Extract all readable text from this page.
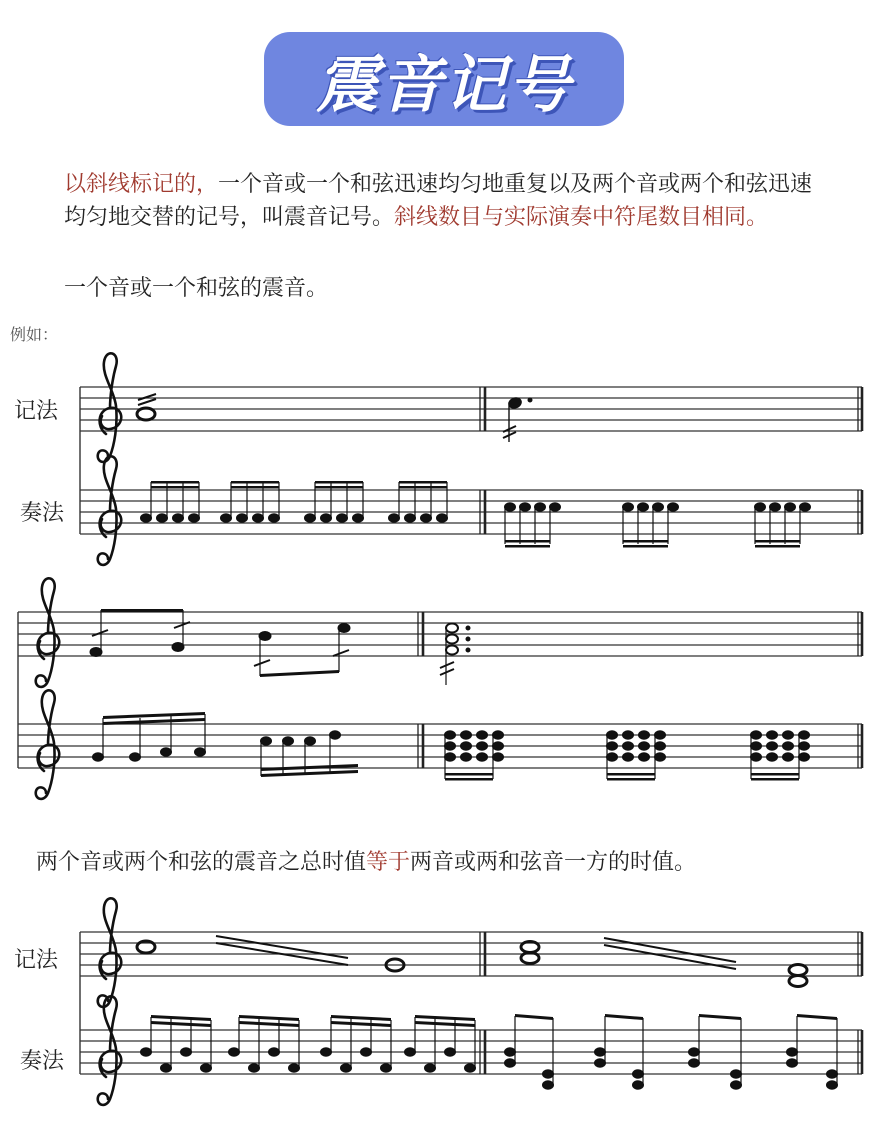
震音记号
以斜线标记的，一个音或一个和弦迅速均匀地重复以及两个音或两个和弦迅速均匀地交替的记号，叫震音记号。斜线数目与实际演奏中符尾数目相同。
一个音或一个和弦的震音。
例如：
两个音或两个和弦的震音之总时值等于两音或两和弦音一方的时值。
记法
奏法
记法
奏法
